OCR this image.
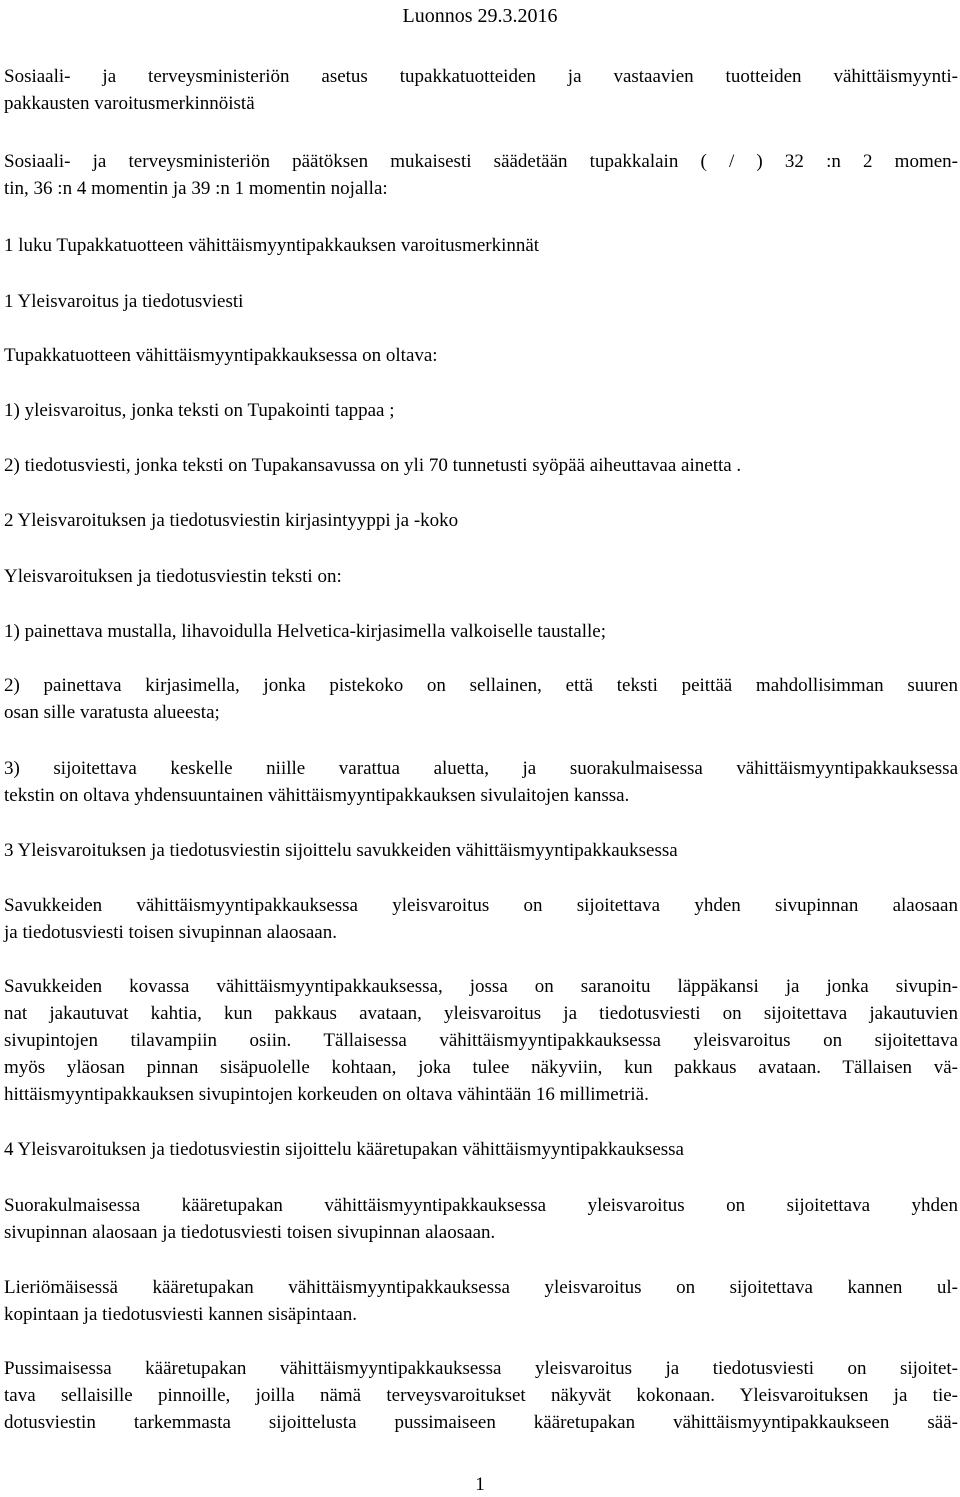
Luonnos 29.3.2016
Sosiaali- ja terveysministeriön asetus tupakkatuotteiden ja vastaavien tuotteiden vähittäismyynti-
pakkausten varoitusmerkinnöistä
Sosiaali- ja terveysministeriön päätöksen mukaisesti säädetään tupakkalain ( / ) 32 :n 2 momen-
tin, 36 :n 4 momentin ja 39 :n 1 momentin nojalla:
1 luku Tupakkatuotteen vähittäismyyntipakkauksen varoitusmerkinnät
1 Yleisvaroitus ja tiedotusviesti
Tupakkatuotteen vähittäismyyntipakkauksessa on oltava:
1) yleisvaroitus, jonka teksti on Tupakointi tappaa ;
2) tiedotusviesti, jonka teksti on Tupakansavussa on yli 70 tunnetusti syöpää aiheuttavaa ainetta .
2 Yleisvaroituksen ja tiedotusviestin kirjasintyyppi ja -koko
Yleisvaroituksen ja tiedotusviestin teksti on:
1) painettava mustalla, lihavoidulla Helvetica-kirjasimella valkoiselle taustalle;
2) painettava kirjasimella, jonka pistekoko on sellainen, että teksti peittää mahdollisimman suuren
osan sille varatusta alueesta;
3) sijoitettava keskelle niille varattua aluetta, ja suorakulmaisessa vähittäismyyntipakkauksessa
tekstin on oltava yhdensuuntainen vähittäismyyntipakkauksen sivulaitojen kanssa.
3 Yleisvaroituksen ja tiedotusviestin sijoittelu savukkeiden vähittäismyyntipakkauksessa
Savukkeiden vähittäismyyntipakkauksessa yleisvaroitus on sijoitettava yhden sivupinnan alaosaan
ja tiedotusviesti toisen sivupinnan alaosaan.
Savukkeiden kovassa vähittäismyyntipakkauksessa, jossa on saranoitu läppäkansi ja jonka sivupin-
nat jakautuvat kahtia, kun pakkaus avataan, yleisvaroitus ja tiedotusviesti on sijoitettava jakautuvien
sivupintojen tilavampiin osiin. Tällaisessa vähittäismyyntipakkauksessa yleisvaroitus on sijoitettava
myös yläosan pinnan sisäpuolelle kohtaan, joka tulee näkyviin, kun pakkaus avataan. Tällaisen vä-
hittäismyyntipakkauksen sivupintojen korkeuden on oltava vähintään 16 millimetriä.
4 Yleisvaroituksen ja tiedotusviestin sijoittelu kääretupakan vähittäismyyntipakkauksessa
Suorakulmaisessa kääretupakan vähittäismyyntipakkauksessa yleisvaroitus on sijoitettava yhden
sivupinnan alaosaan ja tiedotusviesti toisen sivupinnan alaosaan.
Lieriömäisessä kääretupakan vähittäismyyntipakkauksessa yleisvaroitus on sijoitettava kannen ul-
kopintaan ja tiedotusviesti kannen sisäpintaan.
Pussimaisessa kääretupakan vähittäismyyntipakkauksessa yleisvaroitus ja tiedotusviesti on sijoitet-
tava sellaisille pinnoille, joilla nämä terveysvaroitukset näkyvät kokonaan. Yleisvaroituksen ja tie-
dotusviestin tarkemmasta sijoittelusta pussimaiseen kääretupakan vähittäismyyntipakkaukseen sää-
1
